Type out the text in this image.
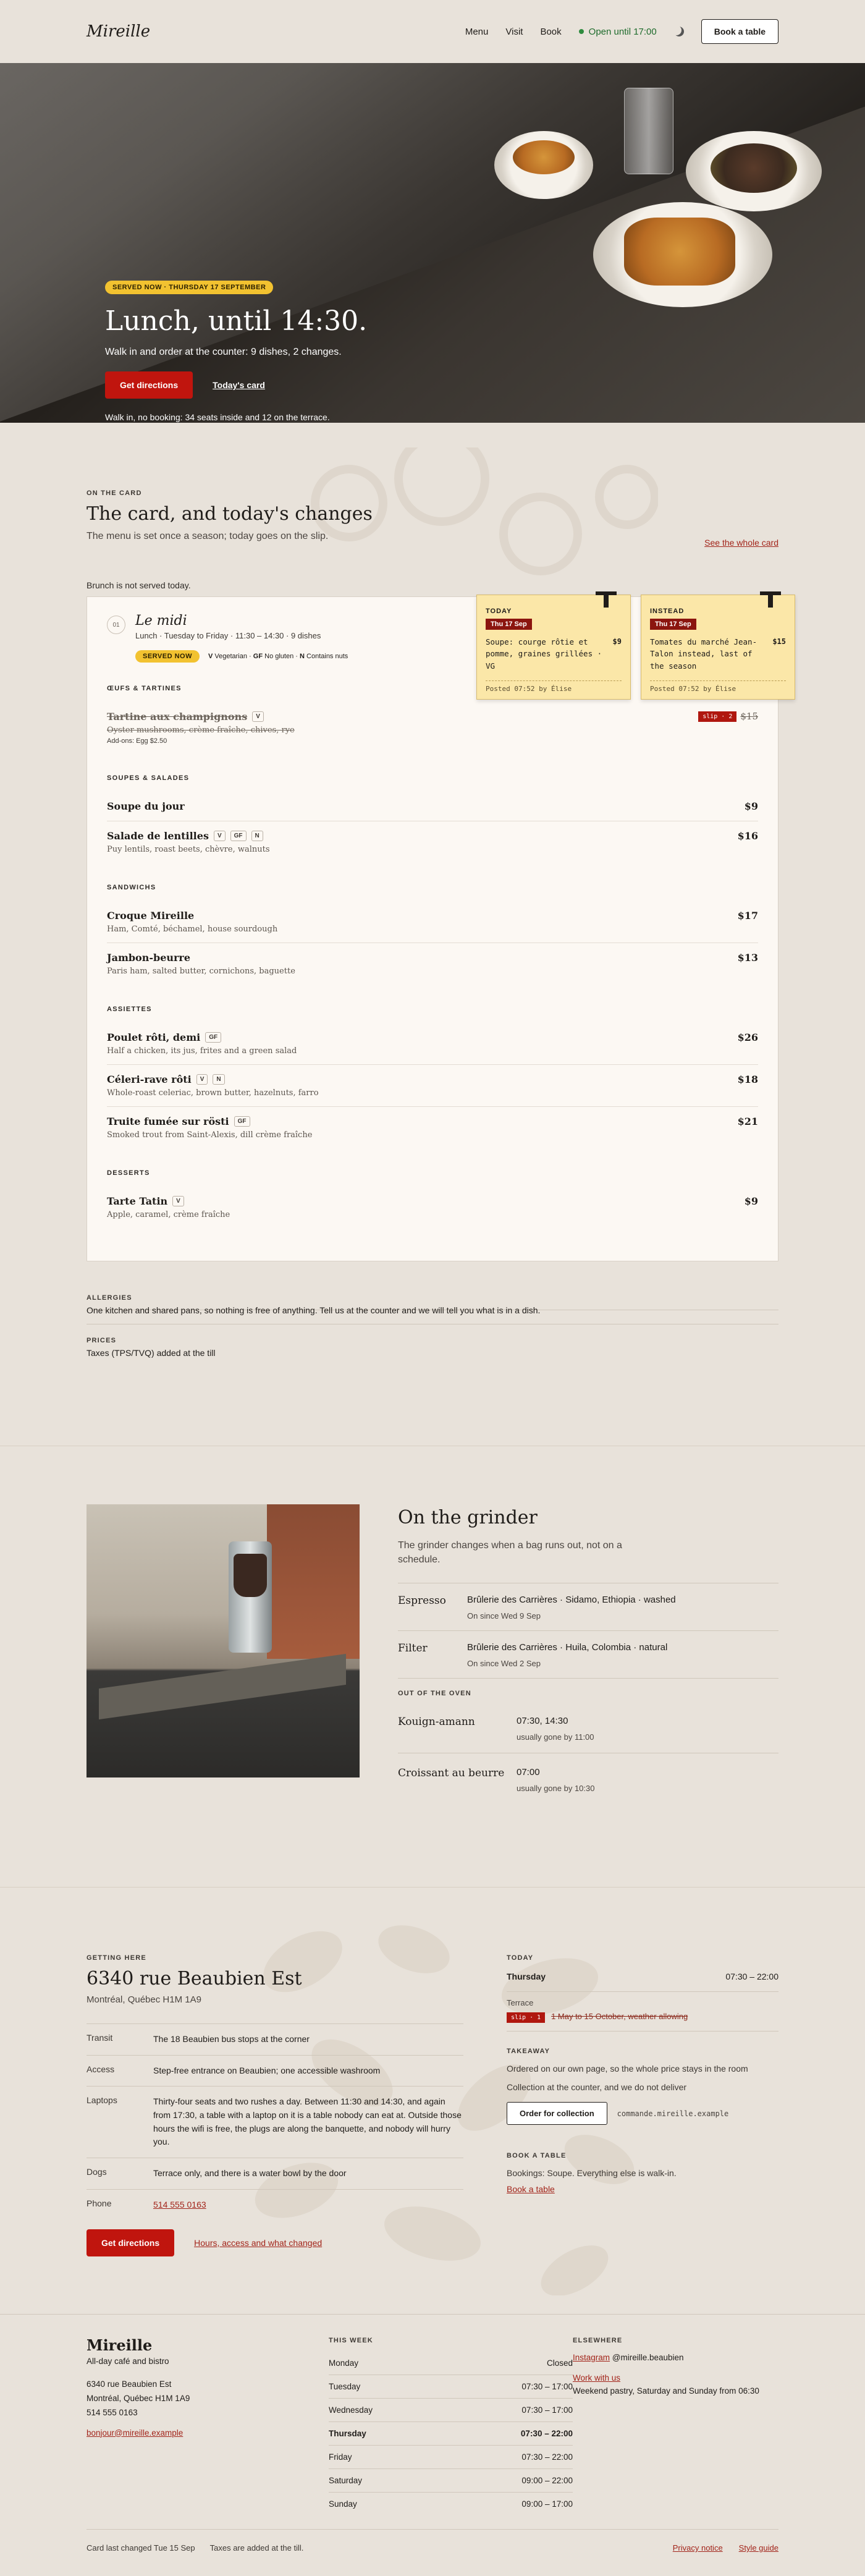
Mireille	Menu Visit Book	Open until 17:00	Book a table
SERVED NOW · THURSDAY 17 SEPTEMBER
Lunch, until 14:30.
Walk in and order at the counter: 9 dishes, 2 changes.
Get directions	Today's card
Walk in, no booking: 34 seats inside and 12 on the terrace.
ON THE CARD
The card, and today's changes
The menu is set once a season; today goes on the slip.
See the whole card
Brunch is not served today.
01	Le midi
Lunch · Tuesday to Friday · 11:30 – 14:30 · 9 dishes
SERVED NOW	V Vegetarian · GF No gluten · N Contains nuts
TODAY
Thu 17 Sep
Soupe: courge rôtie et pomme, graines grillées · VG
$9
Posted 07:52 by Élise
INSTEAD
Thu 17 Sep
Tomates du marché Jean-Talon instead, last of the season
$15
Posted 07:52 by Élise
ŒUFS & TARTINES
Tartine aux champignons	V
Oyster mushrooms, crème fraîche, chives, rye
Add-ons: Egg $2.50
slip · 2 $15
SOUPES & SALADES
Soupe du jour	$9
Salade de lentilles	V	GF	N
Puy lentils, roast beets, chèvre, walnuts
$16
SANDWICHS
Croque Mireille
Ham, Comté, béchamel, house sourdough
$17
Jambon-beurre
Paris ham, salted butter, cornichons, baguette
$13
ASSIETTES
Poulet rôti, demi	GF
Half a chicken, its jus, frites and a green salad
$26
Céleri-rave rôti	V	N
Whole-roast celeriac, brown butter, hazelnuts, farro
$18
Truite fumée sur rösti	GF
Smoked trout from Saint-Alexis, dill crème fraîche
$21
DESSERTS
Tarte Tatin	V
Apple, caramel, crème fraîche
$9
ALLERGIES

One kitchen and shared pans, so nothing is free of anything. Tell us at the counter and we will tell you what is in a dish.

PRICES

Taxes (TPS/TVQ) added at the till

On the grinder
The grinder changes when a bag runs out, not on a schedule.
Espresso	Brûlerie des Carrières · Sidamo, Ethiopia · washed
On since Wed 9 Sep
Filter	Brûlerie des Carrières · Huila, Colombia · natural
On since Wed 2 Sep
OUT OF THE OVEN
Kouign-amann	07:30, 14:30
usually gone by 11:00
Croissant au beurre	07:00
usually gone by 10:30
GETTING HERE
6340 rue Beaubien Est
Montréal, Québec H1M 1A9
Transit	The 18 Beaubien bus stops at the corner
Access	Step-free entrance on Beaubien; one accessible washroom
Laptops	Thirty-four seats and two rushes a day. Between 11:30 and 14:30, and again from 17:30, a table with a laptop on it is a table nobody can eat at. Outside those hours the wifi is free, the plugs are along the banquette, and nobody will hurry you.
Dogs	Terrace only, and there is a water bowl by the door
Phone	514 555 0163
Get directions	Hours, access and what changed
TODAY
Thursday	07:30 – 22:00
Terrace
slip · 1 1 May to 15 October, weather allowing
TAKEAWAY

Ordered on our own page, so the whole price stays in the room

Collection at the counter, and we do not deliver

Order for collection	commande.mireille.example
BOOK A TABLE

Bookings: Soupe. Everything else is walk-in.

Book a table

Mireille
All-day café and bistro
6340 rue Beaubien Est
Montréal, Québec H1M 1A9
514 555 0163
bonjour@mireille.example
THIS WEEK
Monday	Closed
Tuesday	07:30 – 17:00
Wednesday	07:30 – 17:00
Thursday	07:30 – 22:00
Friday	07:30 – 22:00
Saturday	09:00 – 22:00
Sunday	09:00 – 17:00
ELSEWHERE
Instagram @mireille.beaubien
Work with us
Weekend pastry, Saturday and Sunday from 06:30
Card last changed Tue 15 Sep Taxes are added at the till.	Privacy notice Style guide
